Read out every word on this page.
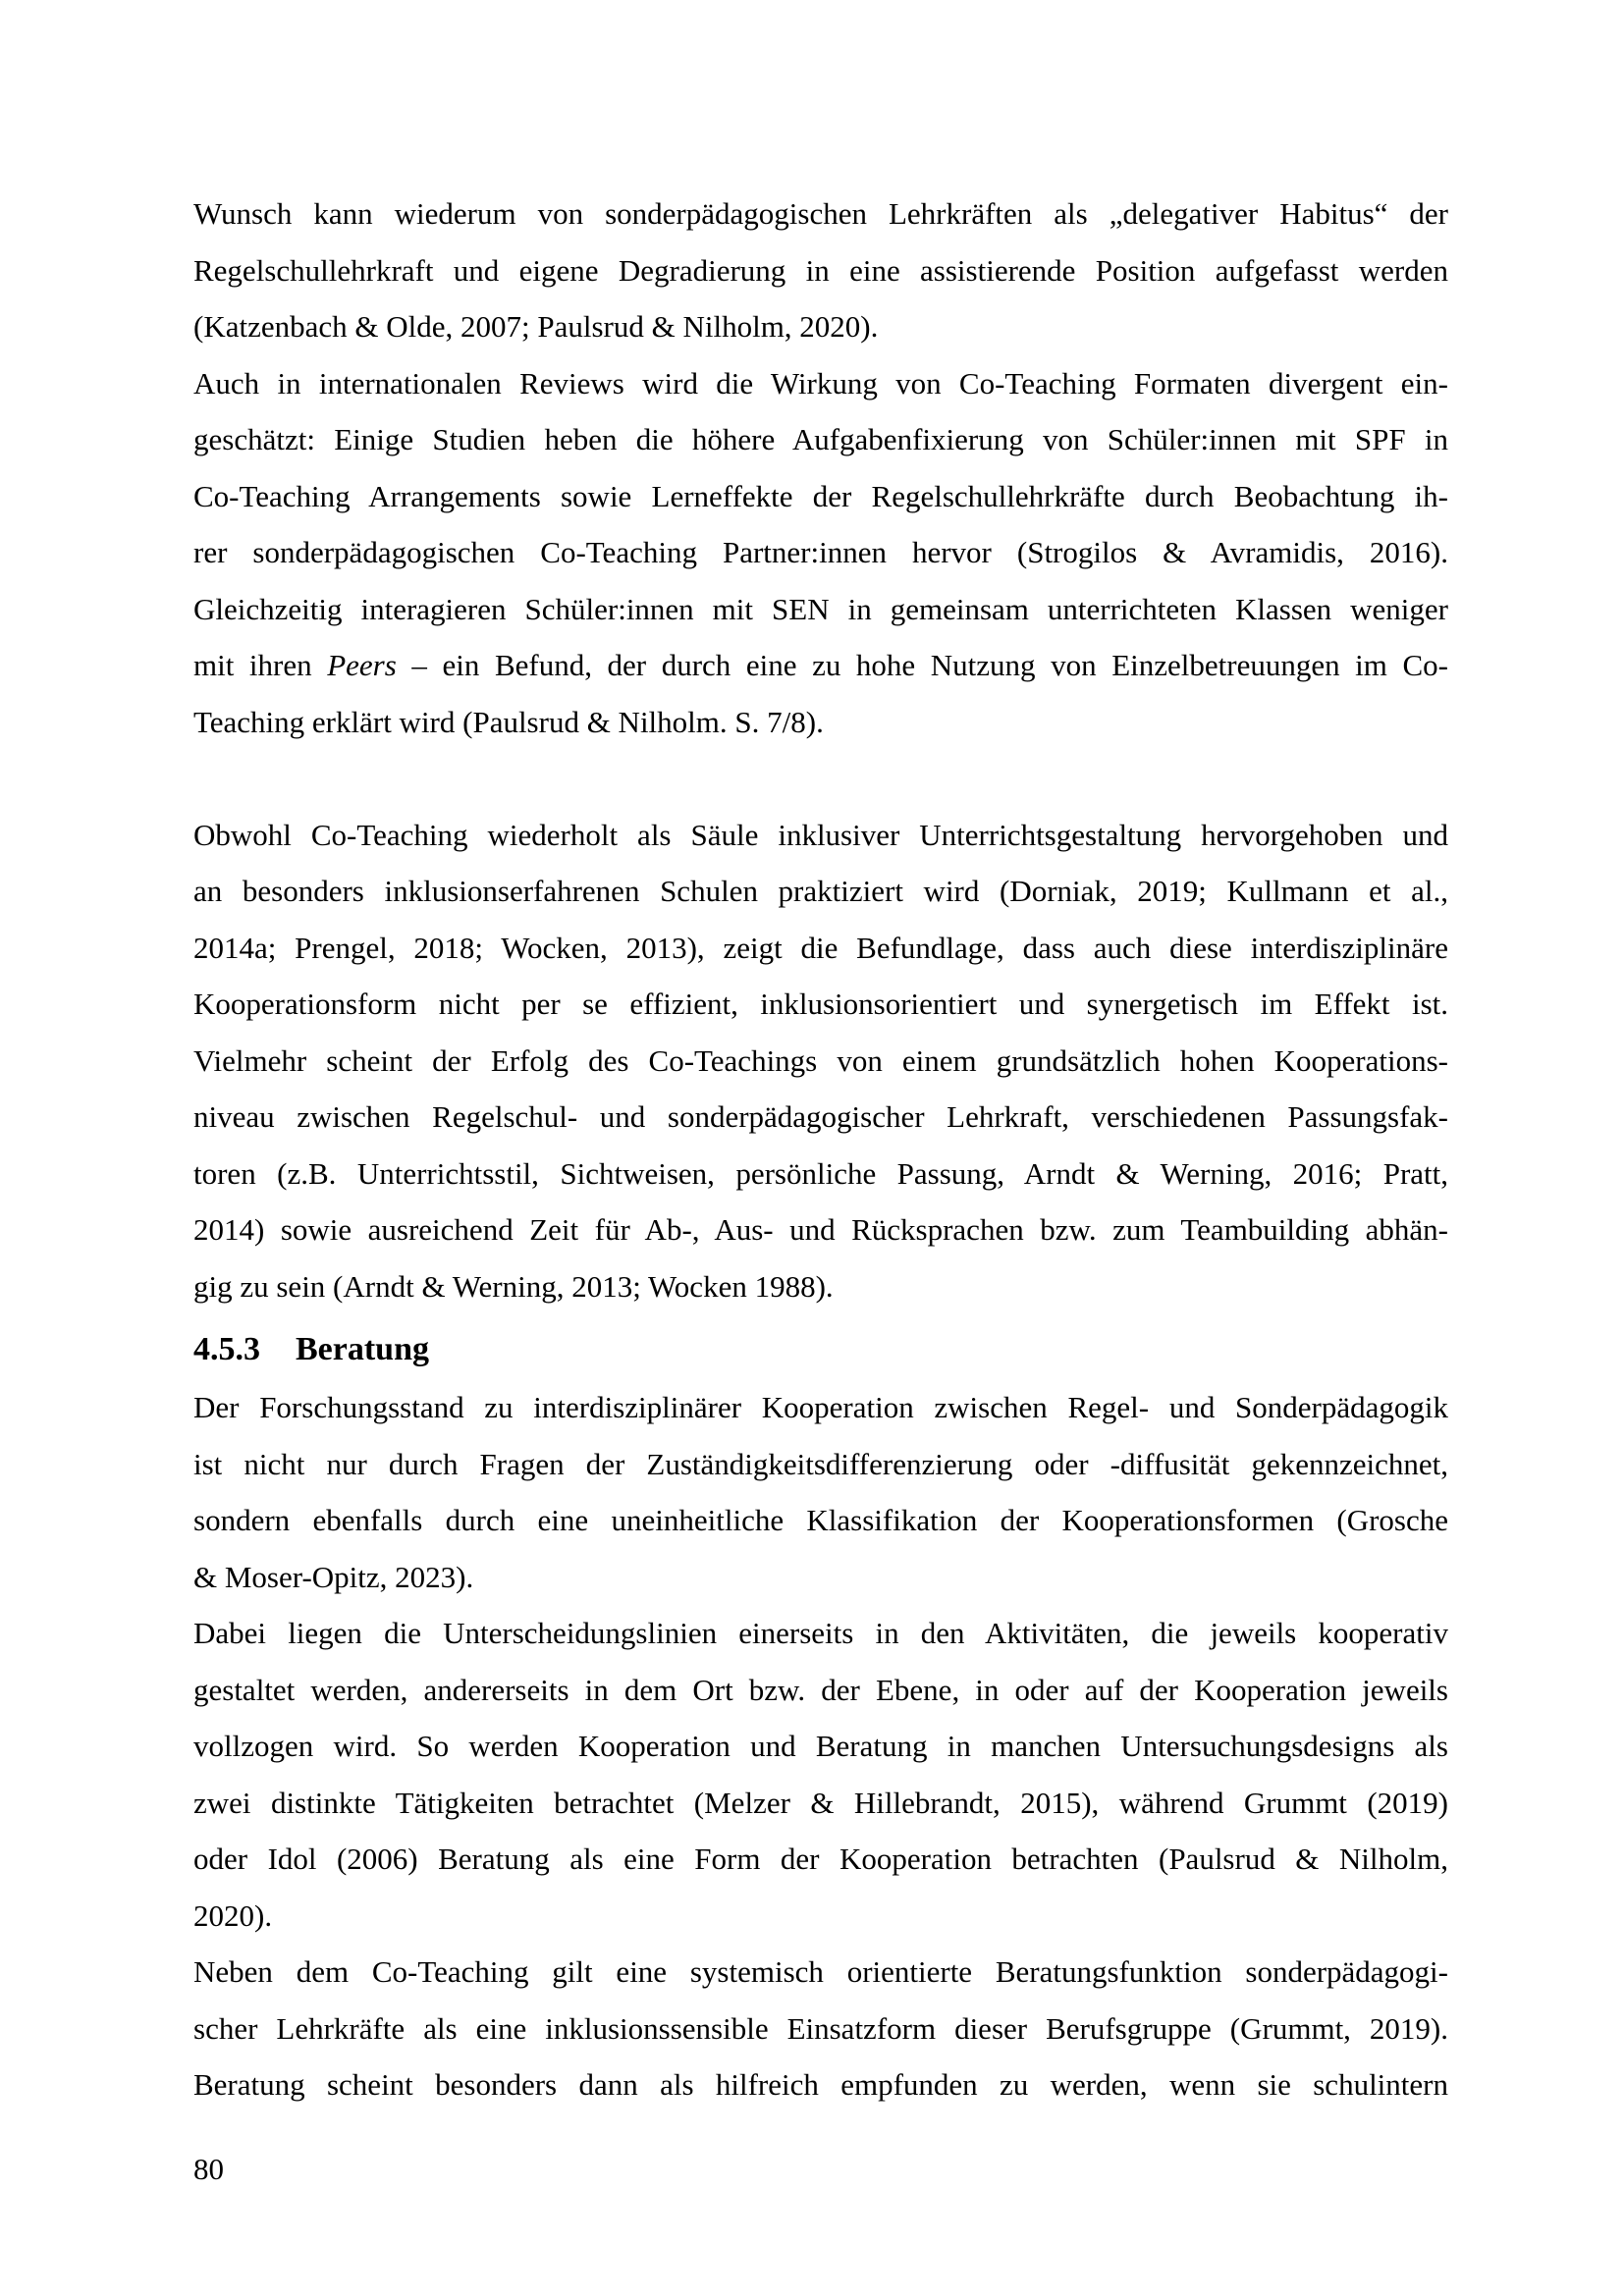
Wunsch kann wiederum von sonderpädagogischen Lehrkräften als „delegativer Habitus“ der
Regelschullehrkraft und eigene Degradierung in eine assistierende Position aufgefasst werden
(Katzenbach & Olde, 2007; Paulsrud & Nilholm, 2020).
Auch in internationalen Reviews wird die Wirkung von Co-Teaching Formaten divergent ein-
geschätzt: Einige Studien heben die höhere Aufgabenfixierung von Schüler:innen mit SPF in
Co-Teaching Arrangements sowie Lerneffekte der Regelschullehrkräfte durch Beobachtung ih-
rer sonderpädagogischen Co-Teaching Partner:innen hervor (Strogilos & Avramidis, 2016).
Gleichzeitig interagieren Schüler:innen mit SEN in gemeinsam unterrichteten Klassen weniger
mit ihren Peers – ein Befund, der durch eine zu hohe Nutzung von Einzelbetreuungen im Co-
Teaching erklärt wird (Paulsrud & Nilholm. S. 7/8).
Obwohl Co-Teaching wiederholt als Säule inklusiver Unterrichtsgestaltung hervorgehoben und
an besonders inklusionserfahrenen Schulen praktiziert wird (Dorniak, 2019; Kullmann et al.,
2014a; Prengel, 2018; Wocken, 2013), zeigt die Befundlage, dass auch diese interdisziplinäre
Kooperationsform nicht per se effizient, inklusionsorientiert und synergetisch im Effekt ist.
Vielmehr scheint der Erfolg des Co-Teachings von einem grundsätzlich hohen Kooperations-
niveau zwischen Regelschul- und sonderpädagogischer Lehrkraft, verschiedenen Passungsfak-
toren (z.B. Unterrichtsstil, Sichtweisen, persönliche Passung, Arndt & Werning, 2016; Pratt,
2014) sowie ausreichend Zeit für Ab-, Aus- und Rücksprachen bzw. zum Teambuilding abhän-
gig zu sein (Arndt & Werning, 2013; Wocken 1988).
4.5.3 Beratung
Der Forschungsstand zu interdisziplinärer Kooperation zwischen Regel- und Sonderpädagogik
ist nicht nur durch Fragen der Zuständigkeitsdifferenzierung oder -diffusität gekennzeichnet,
sondern ebenfalls durch eine uneinheitliche Klassifikation der Kooperationsformen (Grosche
& Moser-Opitz, 2023).
Dabei liegen die Unterscheidungslinien einerseits in den Aktivitäten, die jeweils kooperativ
gestaltet werden, andererseits in dem Ort bzw. der Ebene, in oder auf der Kooperation jeweils
vollzogen wird. So werden Kooperation und Beratung in manchen Untersuchungsdesigns als
zwei distinkte Tätigkeiten betrachtet (Melzer & Hillebrandt, 2015), während Grummt (2019)
oder Idol (2006) Beratung als eine Form der Kooperation betrachten (Paulsrud & Nilholm,
2020).
Neben dem Co-Teaching gilt eine systemisch orientierte Beratungsfunktion sonderpädagogi-
scher Lehrkräfte als eine inklusionssensible Einsatzform dieser Berufsgruppe (Grummt, 2019).
Beratung scheint besonders dann als hilfreich empfunden zu werden, wenn sie schulintern
80
